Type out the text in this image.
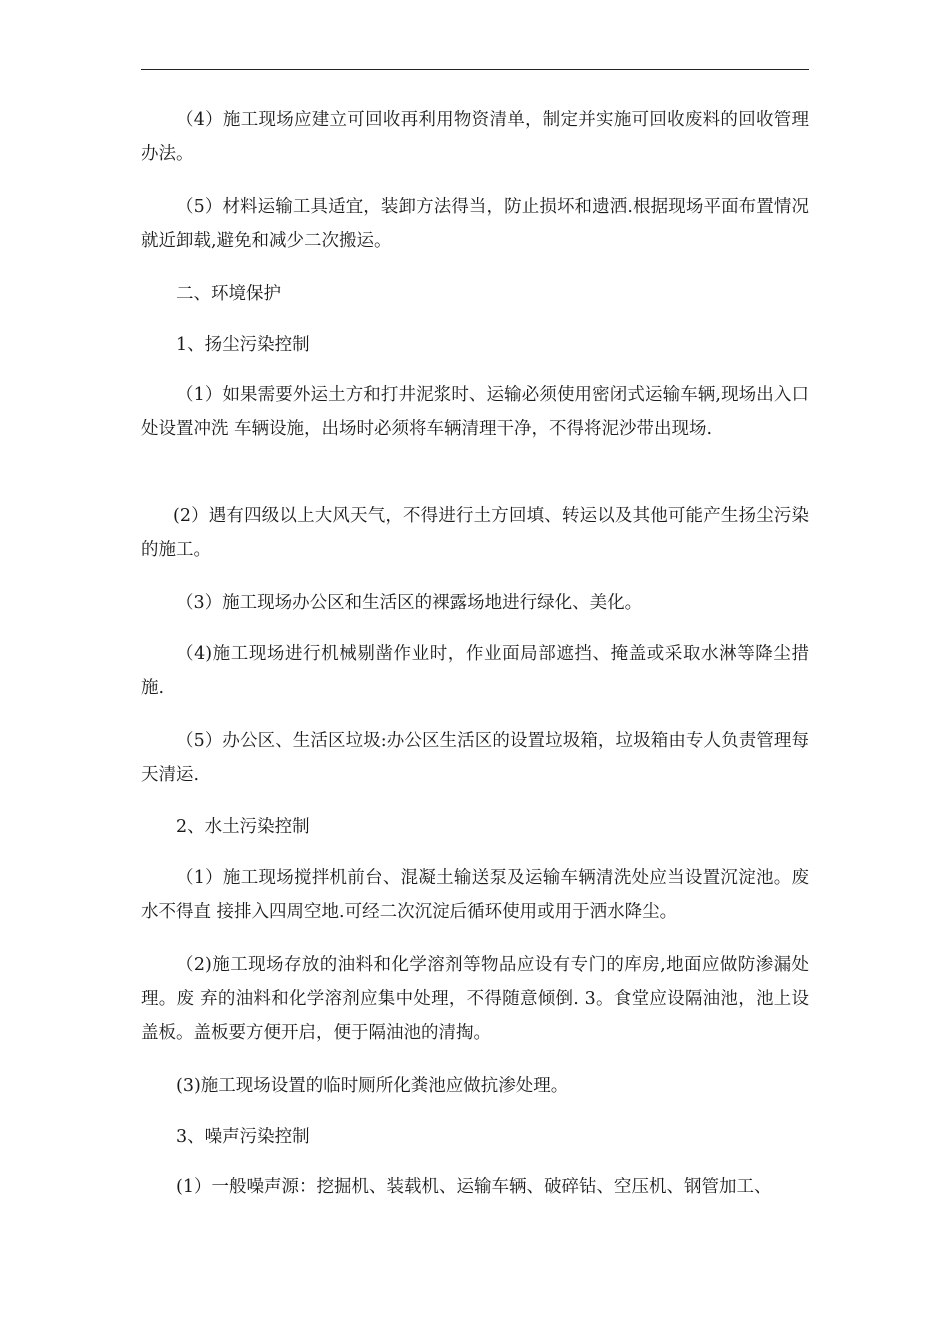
（4）施工现场应建立可回收再利用物资清单，制定并实施可回收废料的回收管理办法。

（5）材料运输工具适宜，装卸方法得当，防止损坏和遗洒.根据现场平面布置情况就近卸载,避免和减少二次搬运。

二、环境保护

1、扬尘污染控制

（1）如果需要外运土方和打井泥浆时、运输必须使用密闭式运输车辆,现场出入口处设置冲洗 车辆设施，出场时必须将车辆清理干净，不得将泥沙带出现场.

(2）遇有四级以上大风天气，不得进行土方回填、转运以及其他可能产生扬尘污染的施工。

（3）施工现场办公区和生活区的裸露场地进行绿化、美化。

（4)施工现场进行机械剔凿作业时，作业面局部遮挡、掩盖或采取水淋等降尘措施.

（5）办公区、生活区垃圾:办公区生活区的设置垃圾箱，垃圾箱由专人负责管理每天清运.

2、水土污染控制

（1）施工现场搅拌机前台、混凝土输送泵及运输车辆清洗处应当设置沉淀池。废水不得直 接排入四周空地.可经二次沉淀后循环使用或用于洒水降尘。

（2)施工现场存放的油料和化学溶剂等物品应设有专门的库房,地面应做防渗漏处理。废 弃的油料和化学溶剂应集中处理，不得随意倾倒. 3。食堂应设隔油池，池上设盖板。盖板要方便开启，便于隔油池的清掏。

(3)施工现场设置的临时厕所化粪池应做抗渗处理。

3、噪声污染控制

(1）一般噪声源：挖掘机、装载机、运输车辆、破碎钻、空压机、钢管加工、
